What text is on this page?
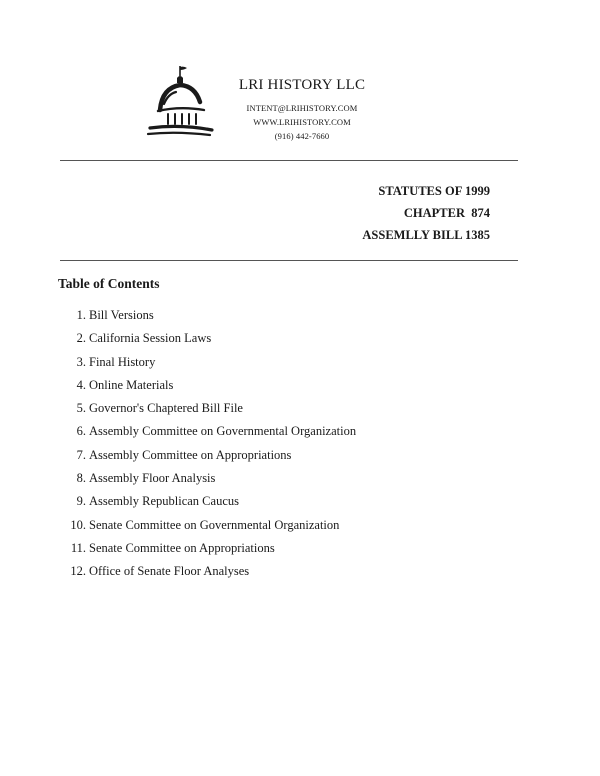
LRI HISTORY LLC
INTENT@LRIHISTORY.COM
WWW.LRIHISTORY.COM
(916) 442-7660
STATUTES OF 1999
CHAPTER  874
ASSEMLLY BILL 1385
Table of Contents
1. Bill Versions
2. California Session Laws
3. Final History
4. Online Materials
5. Governor's Chaptered Bill File
6. Assembly Committee on Governmental Organization
7. Assembly Committee on Appropriations
8. Assembly Floor Analysis
9. Assembly Republican Caucus
10. Senate Committee on Governmental Organization
11. Senate Committee on Appropriations
12. Office of Senate Floor Analyses
